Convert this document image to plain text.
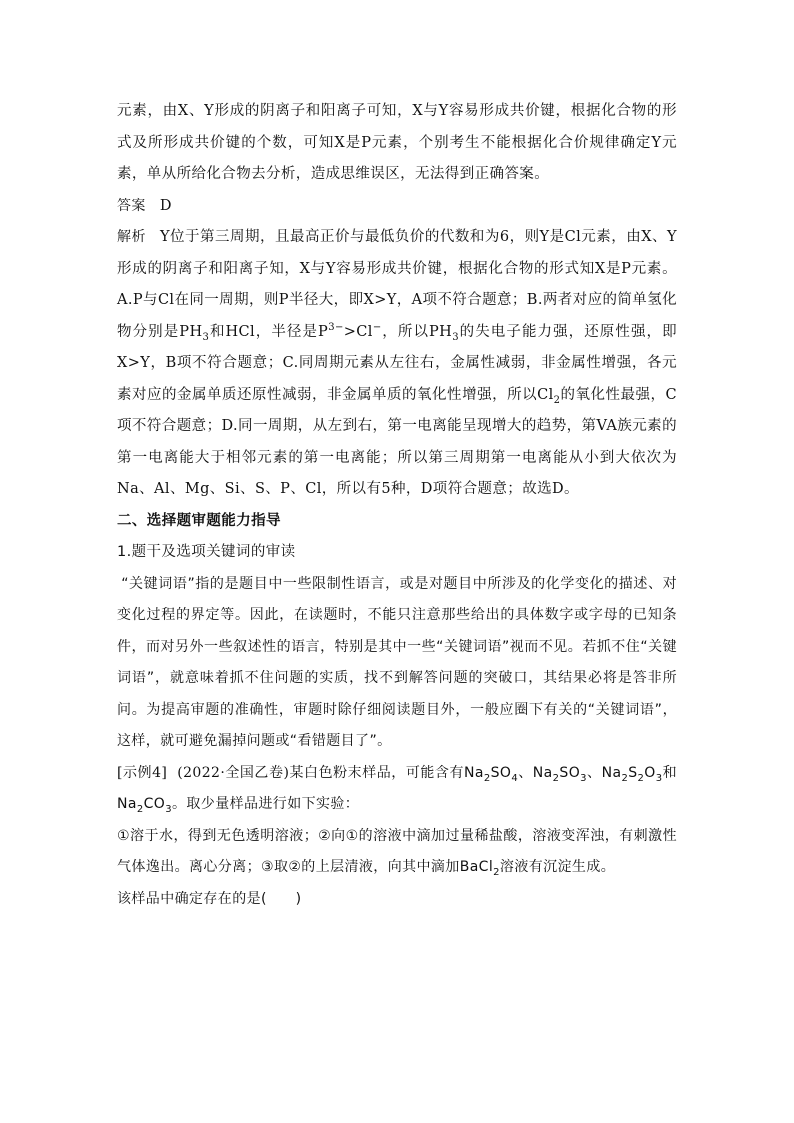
元素，由X、Y形成的阴离子和阳离子可知，X与Y容易形成共价键，根据化合物的形式及所形成共价键的个数，可知X是P元素，个别考生不能根据化合价规律确定Y元素，单从所给化合物去分析，造成思维误区，无法得到正确答案。

答案 D

解析 Y位于第三周期，且最高正价与最低负价的代数和为6，则Y是Cl元素，由X、Y形成的阴离子和阳离子知，X与Y容易形成共价键，根据化合物的形式知X是P元素。A.P与Cl在同一周期，则P半径大，即X>Y，A项不符合题意；B.两者对应的简单氢化物分别是$PH_3$和HCl，半径是$P^{3-}>Cl^-$，所以$PH_3$的失电子能力强，还原性强，即X>Y，B项不符合题意；C.同周期元素从左往右，金属性减弱，非金属性增强，各元素对应的金属单质还原性减弱，非金属单质的氧化性增强，所以$Cl_2$的氧化性最强，C项不符合题意；D.同一周期，从左到右，第一电离能呈现增大的趋势，第VA族元素的第一电离能大于相邻元素的第一电离能；所以第三周期第一电离能从小到大依次为Na、Al、Mg、Si、S、P、Cl，所以有5种，D项符合题意；故选D。

二、选择题审题能力指导

1.题干及选项关键词的审读

“关键词语”指的是题目中一些限制性语言，或是对题目中所涉及的化学变化的描述、对变化过程的界定等。因此，在读题时，不能只注意那些给出的具体数字或字母的已知条件，而对另外一些叙述性的语言，特别是其中一些“关键词语”视而不见。若抓不住“关键词语”，就意味着抓不住问题的实质，找不到解答问题的突破口，其结果必将是答非所问。为提高审题的准确性，审题时除仔细阅读题目外，一般应圈下有关的“关键词语”，这样，就可避免漏掉问题或“看错题目了”。

[示例4] (2022·全国乙卷)某白色粉末样品，可能含有$Na_2SO_4$、$Na_2SO_3$、$Na_2S_2O_3$和$Na_2CO_3$。取少量样品进行如下实验：

①溶于水，得到无色透明溶液；②向①的溶液中滴加过量稀盐酸，溶液变浑浊，有刺激性气体逸出。离心分离；③取②的上层清液，向其中滴加BaCl$_2$溶液有沉淀生成。

该样品中确定存在的是(　　)
